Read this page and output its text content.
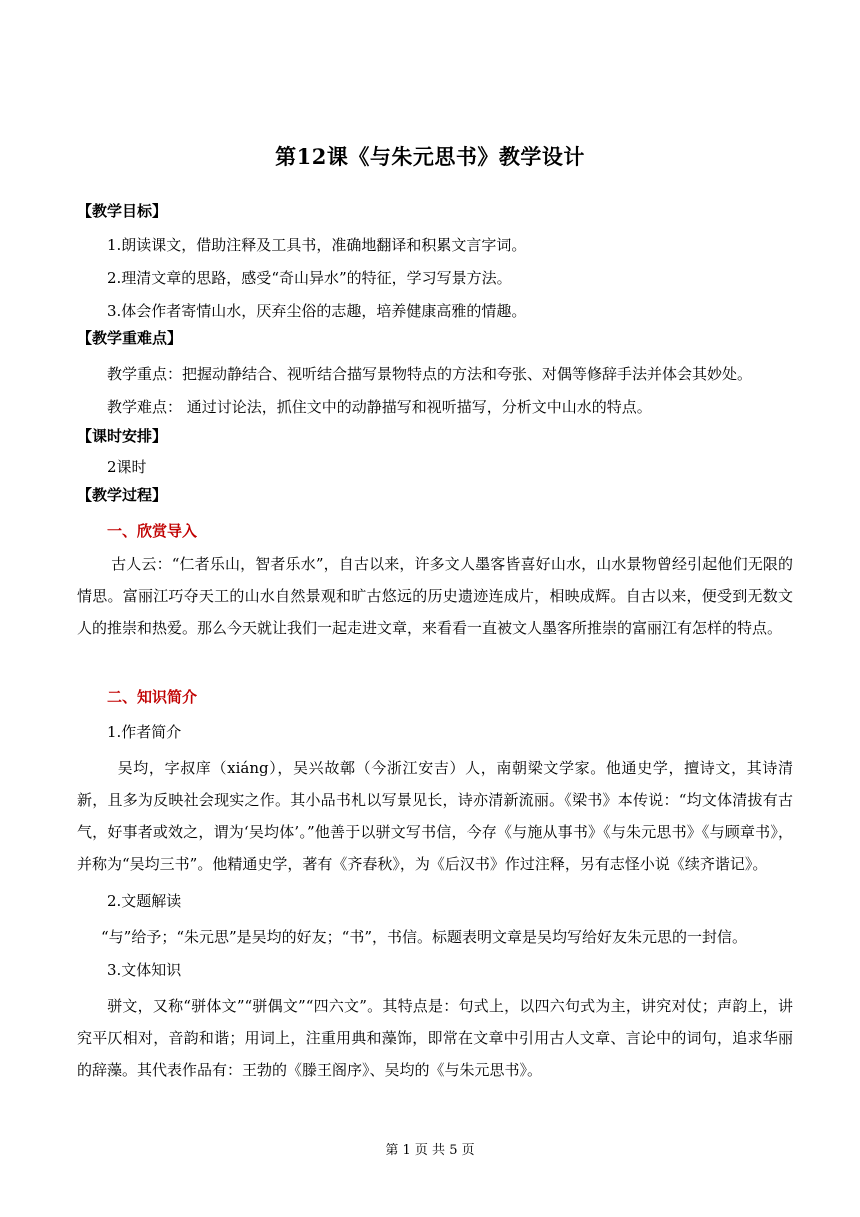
第12课《与朱元思书》教学设计
【教学目标】
1.朗读课文，借助注释及工具书，准确地翻译和积累文言字词。
2.理清文章的思路，感受“奇山异水”的特征，学习写景方法。
3.体会作者寄情山水，厌弃尘俗的志趣，培养健康高雅的情趣。
【教学重难点】
教学重点：把握动静结合、视听结合描写景物特点的方法和夸张、对偶等修辞手法并体会其妙处。
教学难点： 通过讨论法，抓住文中的动静描写和视听描写，分析文中山水的特点。
【课时安排】
2课时
【教学过程】
一、欣赏导入
古人云：“仁者乐山，智者乐水”，自古以来，许多文人墨客皆喜好山水，山水景物曾经引起他们无限的情思。富丽江巧夺天工的山水自然景观和旷古悠远的历史遗迹连成片，相映成辉。自古以来，便受到无数文人的推崇和热爱。那么今天就让我们一起走进文章，来看看一直被文人墨客所推崇的富丽江有怎样的特点。
二、知识简介
1.作者简介
吴均，字叔庠（xiáng），吴兴故鄣（今浙江安吉）人，南朝梁文学家。他通史学，擅诗文，其诗清新，且多为反映社会现实之作。其小品书札以写景见长，诗亦清新流丽。《梁书》本传说：“均文体清拔有古气，好事者或效之，谓为‘吴均体’。”他善于以骈文写书信，今存《与施从事书》《与朱元思书》《与顾章书》，并称为“吴均三书”。他精通史学，著有《齐春秋》，为《后汉书》作过注释，另有志怪小说《续齐谐记》。
2.文题解读
“与”给予；“朱元思”是吴均的好友；“书”，书信。标题表明文章是吴均写给好友朱元思的一封信。
3.文体知识
骈文，又称“骈体文”“骈偶文”“四六文”。其特点是：句式上，以四六句式为主，讲究对仗；声韵上，讲究平仄相对，音韵和谐；用词上，注重用典和藻饰，即常在文章中引用古人文章、言论中的词句，追求华丽的辞藻。其代表作品有：王勃的《滕王阁序》、吴均的《与朱元思书》。
第 1 页 共 5 页
